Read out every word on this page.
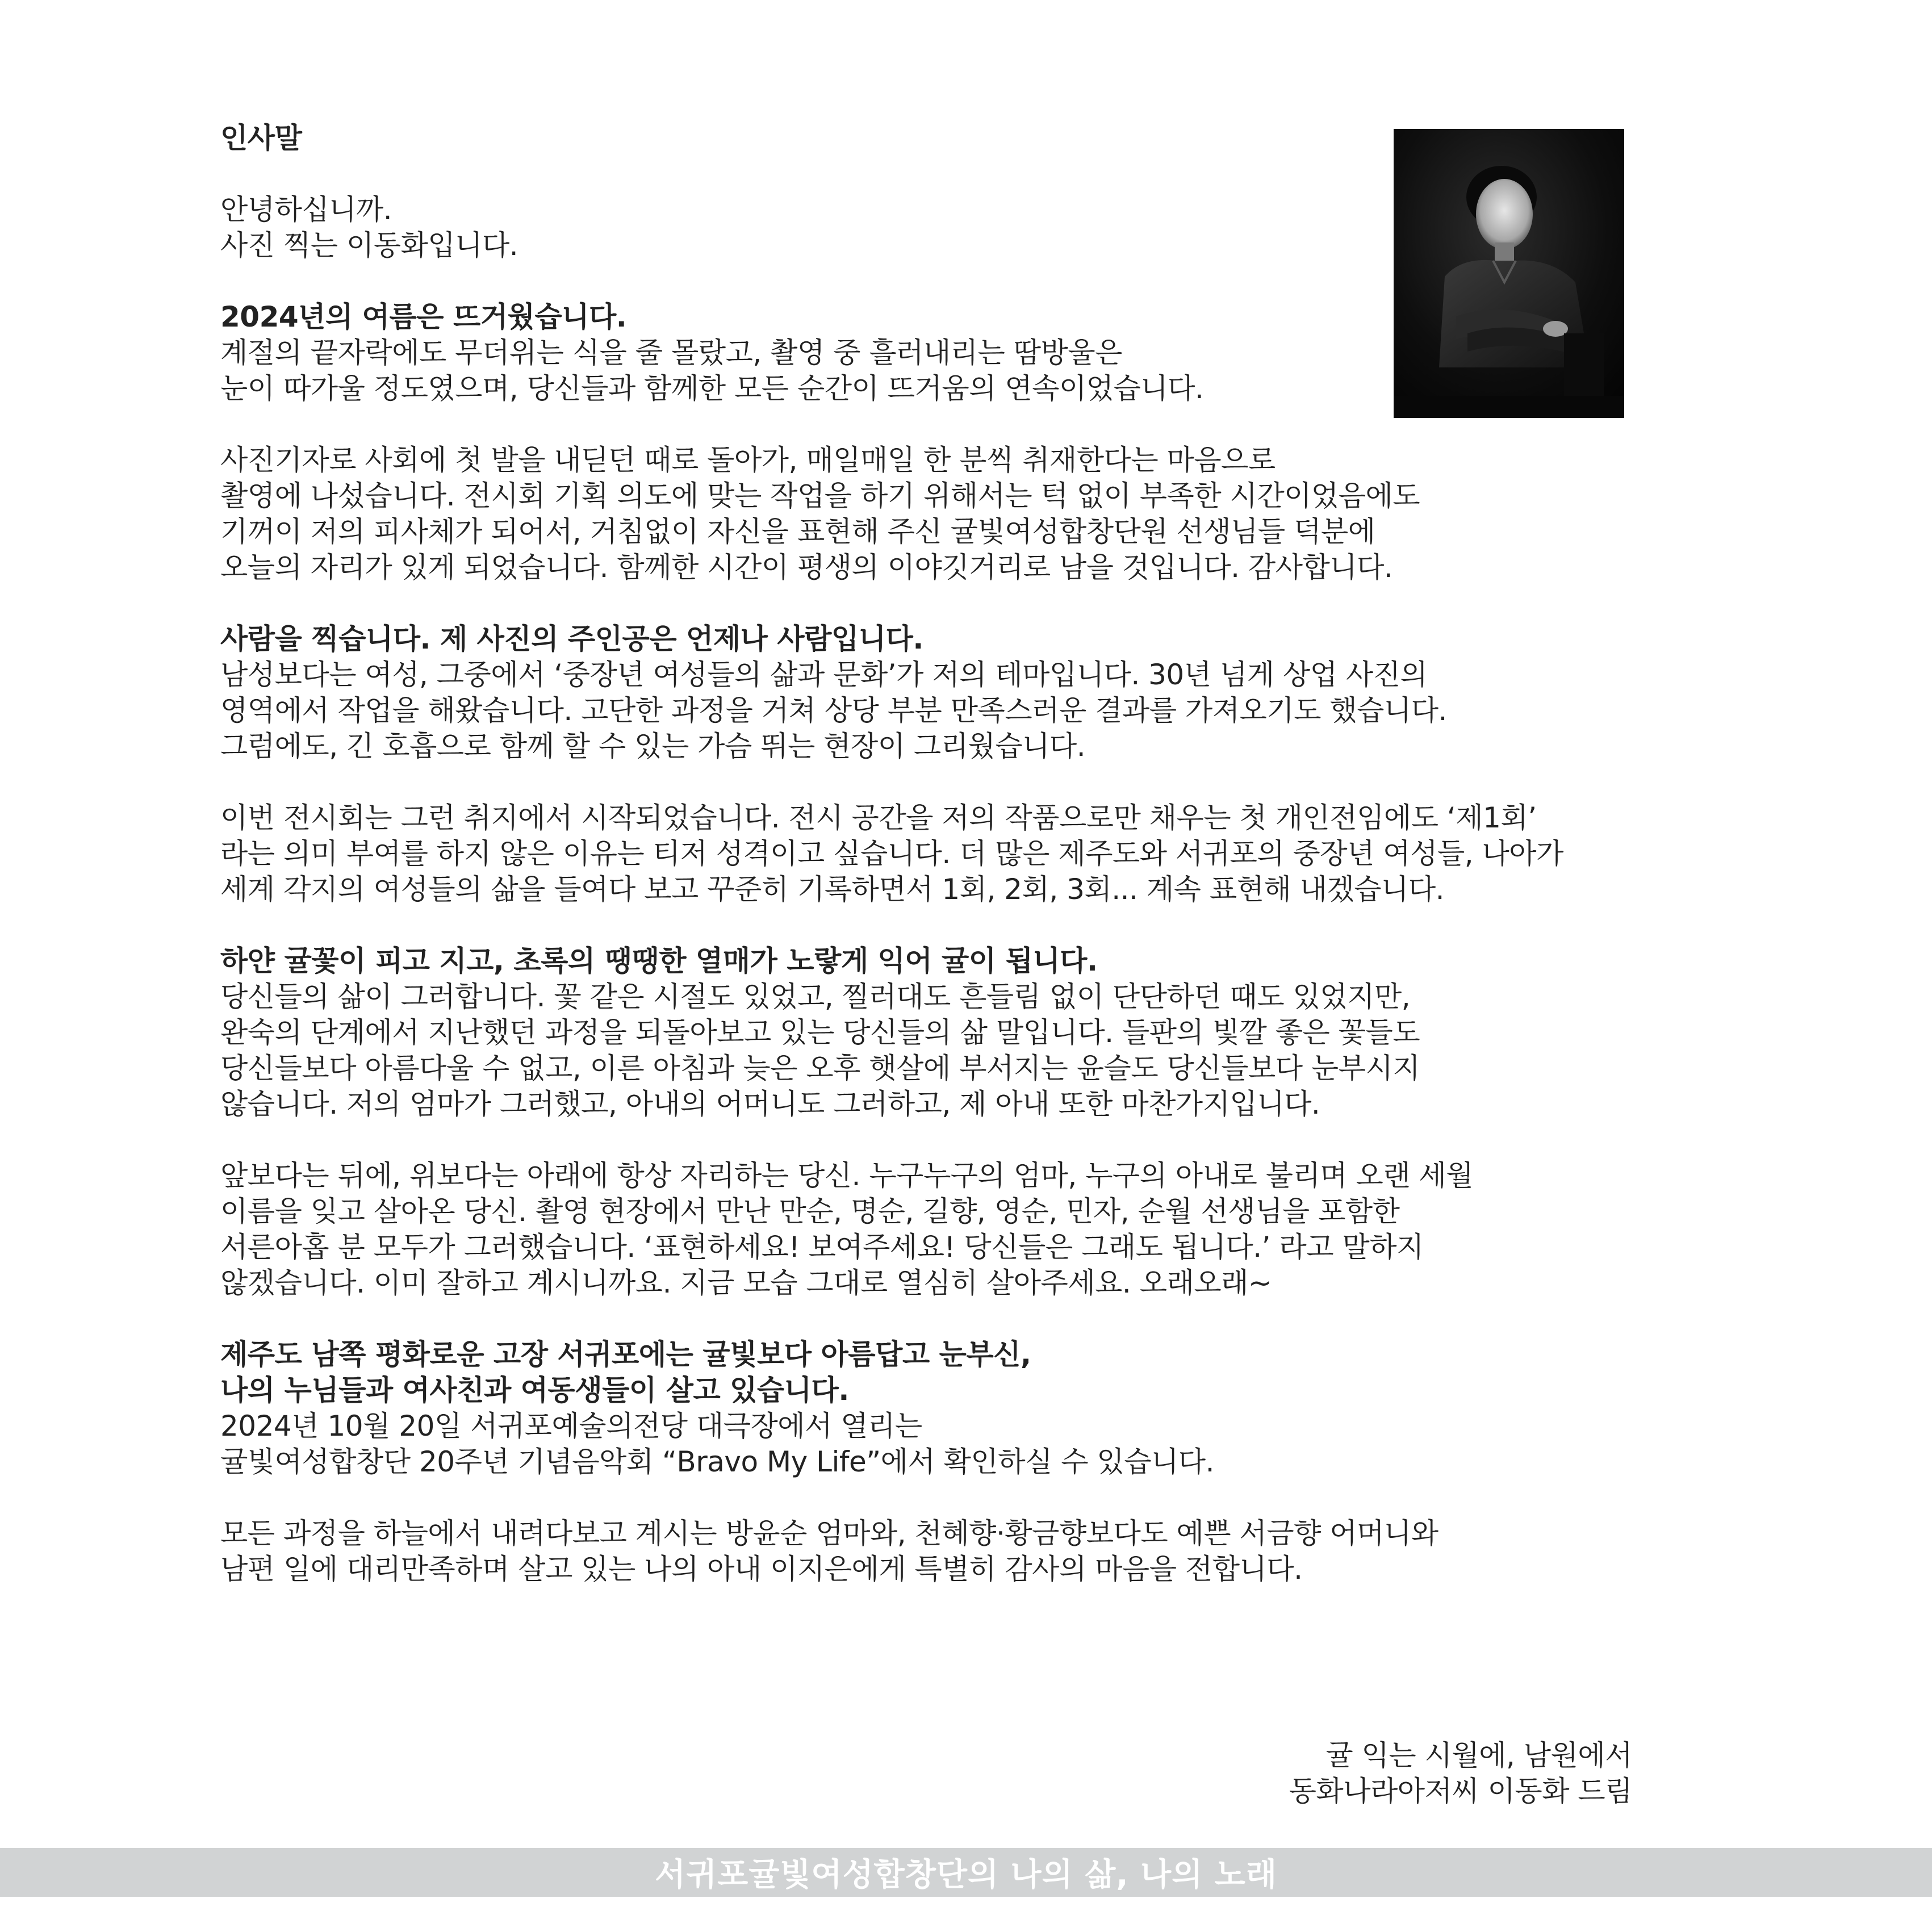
인사말
안녕하십니까.
사진 찍는 이동화입니다.
2024년의 여름은 뜨거웠습니다.
계절의 끝자락에도 무더위는 식을 줄 몰랐고, 촬영 중 흘러내리는 땀방울은
눈이 따가울 정도였으며, 당신들과 함께한 모든 순간이 뜨거움의 연속이었습니다.
사진기자로 사회에 첫 발을 내딛던 때로 돌아가, 매일매일 한 분씩 취재한다는 마음으로
촬영에 나섰습니다. 전시회 기획 의도에 맞는 작업을 하기 위해서는 턱 없이 부족한 시간이었음에도
기꺼이 저의 피사체가 되어서, 거침없이 자신을 표현해 주신 귤빛여성합창단원 선생님들 덕분에
오늘의 자리가 있게 되었습니다. 함께한 시간이 평생의 이야깃거리로 남을 것입니다. 감사합니다.
사람을 찍습니다. 제 사진의 주인공은 언제나 사람입니다.
남성보다는 여성, 그중에서 ‘중장년 여성들의 삶과 문화’가 저의 테마입니다. 30년 넘게 상업 사진의
영역에서 작업을 해왔습니다. 고단한 과정을 거쳐 상당 부분 만족스러운 결과를 가져오기도 했습니다.
그럼에도, 긴 호흡으로 함께 할 수 있는 가슴 뛰는 현장이 그리웠습니다.
이번 전시회는 그런 취지에서 시작되었습니다. 전시 공간을 저의 작품으로만 채우는 첫 개인전임에도 ‘제1회’
라는 의미 부여를 하지 않은 이유는 티저 성격이고 싶습니다. 더 많은 제주도와 서귀포의 중장년 여성들, 나아가
세계 각지의 여성들의 삶을 들여다 보고 꾸준히 기록하면서 1회, 2회, 3회... 계속 표현해 내겠습니다.
하얀 귤꽃이 피고 지고, 초록의 땡땡한 열매가 노랗게 익어 귤이 됩니다.
당신들의 삶이 그러합니다. 꽃 같은 시절도 있었고, 찔러대도 흔들림 없이 단단하던 때도 있었지만,
완숙의 단계에서 지난했던 과정을 되돌아보고 있는 당신들의 삶 말입니다. 들판의 빛깔 좋은 꽃들도
당신들보다 아름다울 수 없고, 이른 아침과 늦은 오후 햇살에 부서지는 윤슬도 당신들보다 눈부시지
않습니다. 저의 엄마가 그러했고, 아내의 어머니도 그러하고, 제 아내 또한 마찬가지입니다.
앞보다는 뒤에, 위보다는 아래에 항상 자리하는 당신. 누구누구의 엄마, 누구의 아내로 불리며 오랜 세월
이름을 잊고 살아온 당신. 촬영 현장에서 만난 만순, 명순, 길향, 영순, 민자, 순월 선생님을 포함한
서른아홉 분 모두가 그러했습니다. ‘표현하세요! 보여주세요! 당신들은 그래도 됩니다.’ 라고 말하지
않겠습니다. 이미 잘하고 계시니까요. 지금 모습 그대로 열심히 살아주세요. 오래오래~
제주도 남쪽 평화로운 고장 서귀포에는 귤빛보다 아름답고 눈부신,
나의 누님들과 여사친과 여동생들이 살고 있습니다.
2024년 10월 20일 서귀포예술의전당 대극장에서 열리는
귤빛여성합창단 20주년 기념음악회 “Bravo My Life”에서 확인하실 수 있습니다.
모든 과정을 하늘에서 내려다보고 계시는 방윤순 엄마와, 천혜향·황금향보다도 예쁜 서금향 어머니와
남편 일에 대리만족하며 살고 있는 나의 아내 이지은에게 특별히 감사의 마음을 전합니다.
귤 익는 시월에, 남원에서
동화나라아저씨 이동화 드림
서귀포귤빛여성합창단의 나의 삶, 나의 노래
